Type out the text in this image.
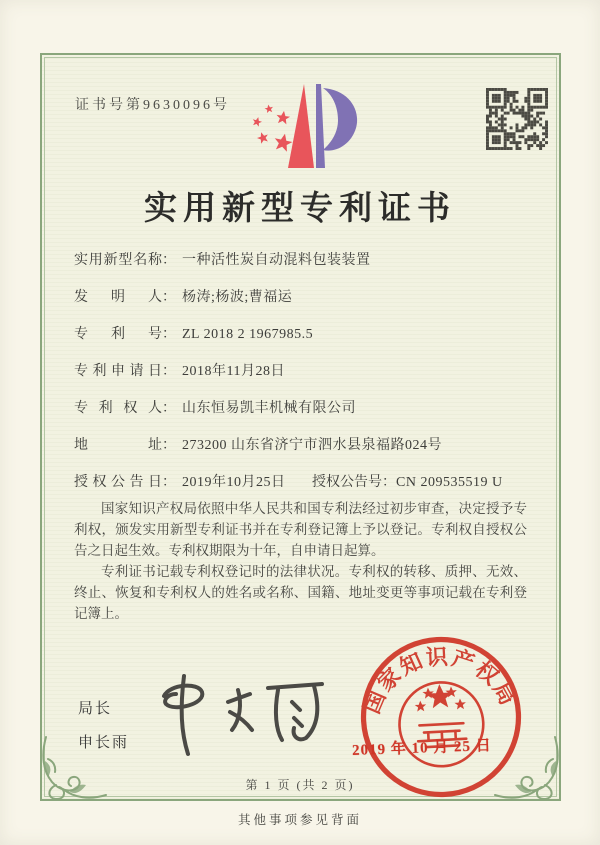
证书号第9630096号
实用新型专利证书
实用新型名称： 一种活性炭自动混料包装装置
发明人： 杨涛;杨波;曹福运
专利号： ZL 2018 2 1967985.5
专利申请日： 2018年11月28日
专利权人： 山东恒易凯丰机械有限公司
地址： 273200 山东省济宁市泗水县泉福路024号
授权公告日： 2019年10月25日 授权公告号：CN 209535519 U

国家知识产权局依照中华人民共和国专利法经过初步审查，决定授予专利权，颁发实用新型专利证书并在专利登记簿上予以登记。专利权自授权公告之日起生效。专利权期限为十年，自申请日起算。

专利证书记载专利权登记时的法律状况。专利权的转移、质押、无效、终止、恢复和专利权人的姓名或名称、国籍、地址变更等事项记载在专利登记簿上。

局长
申长雨
国家知识产权局
2019 年 10 月 25 日
第 1 页 (共 2 页)
其他事项参见背面
